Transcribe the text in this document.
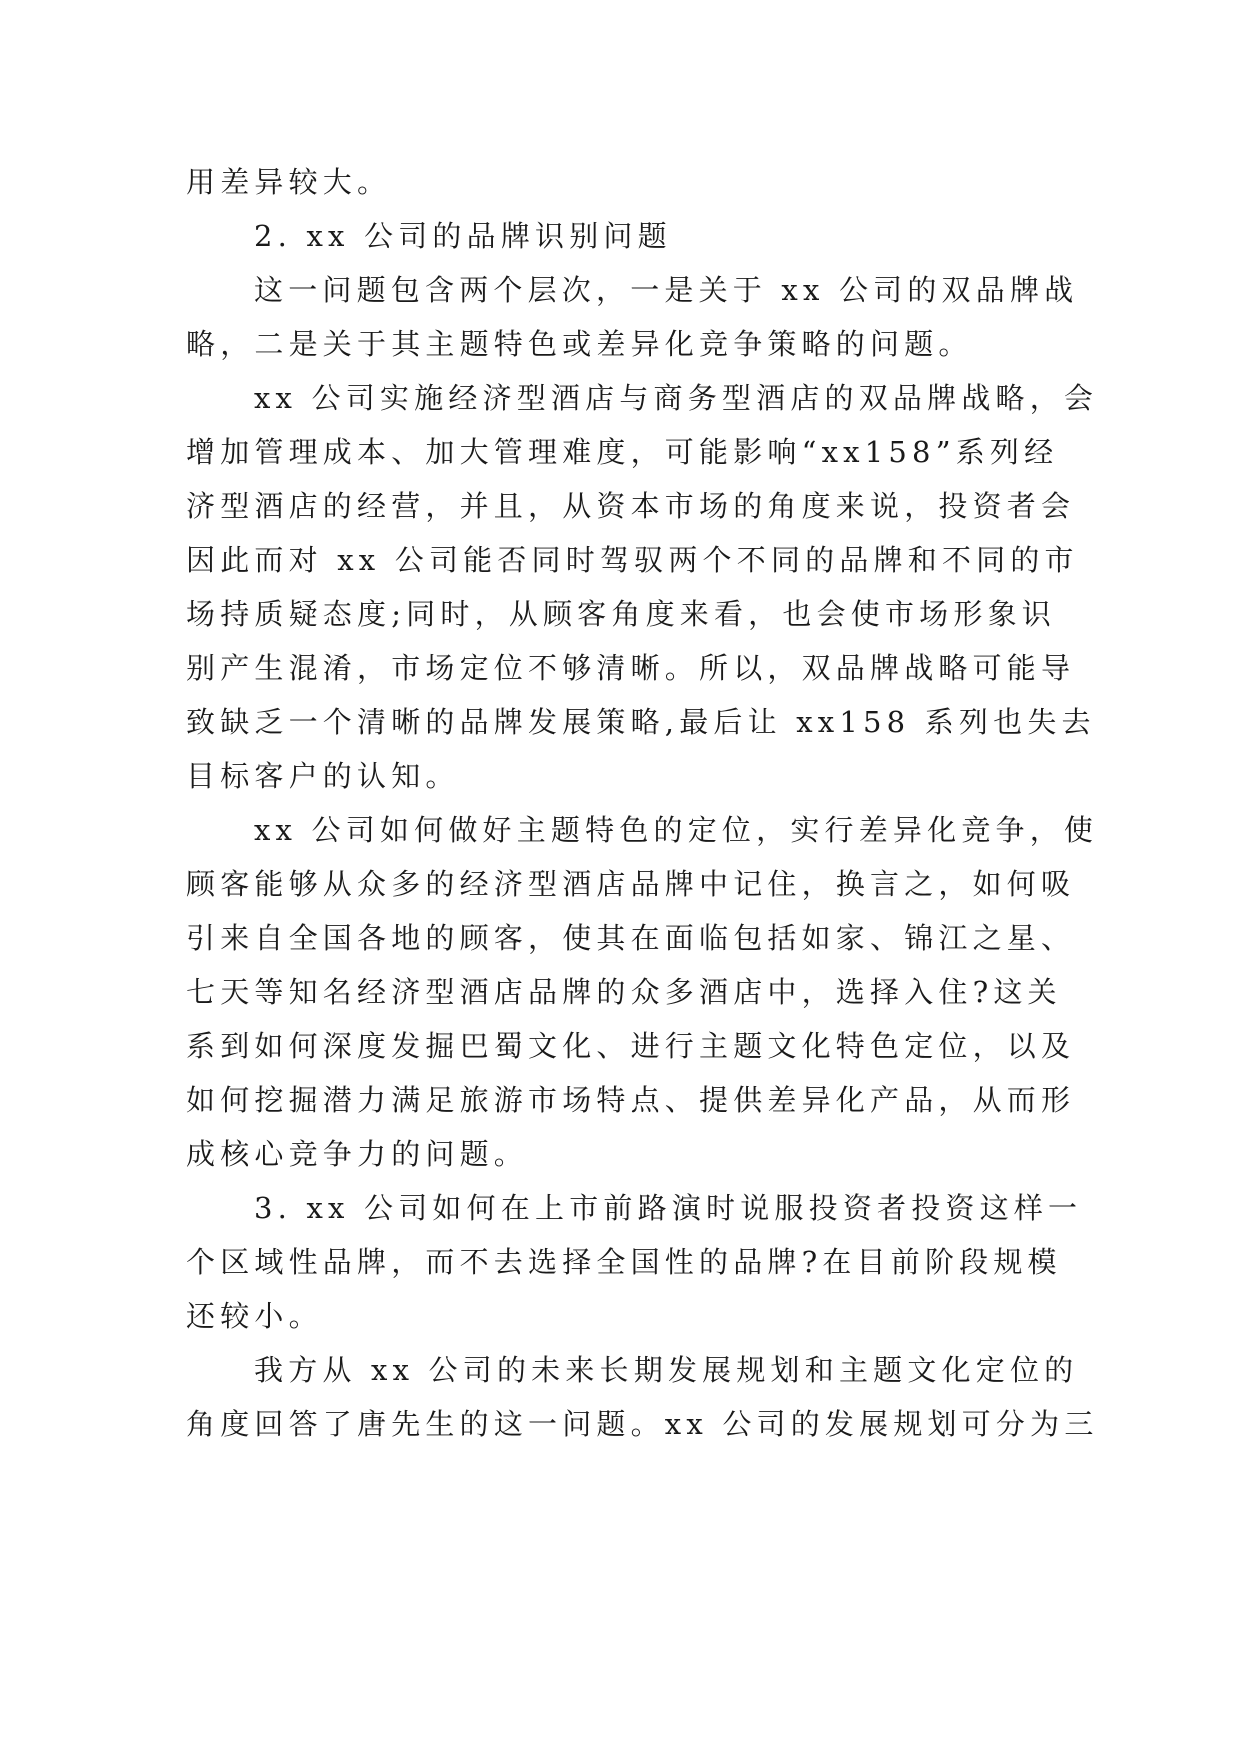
用差异较大。
2. xx 公司的品牌识别问题
这一问题包含两个层次，一是关于 xx 公司的双品牌战
略，二是关于其主题特色或差异化竞争策略的问题。
xx 公司实施经济型酒店与商务型酒店的双品牌战略，会
增加管理成本、加大管理难度，可能影响“xx158”系列经
济型酒店的经营，并且，从资本市场的角度来说，投资者会
因此而对 xx 公司能否同时驾驭两个不同的品牌和不同的市
场持质疑态度;同时，从顾客角度来看，也会使市场形象识
别产生混淆，市场定位不够清晰。所以，双品牌战略可能导
致缺乏一个清晰的品牌发展策略,最后让 xx158 系列也失去
目标客户的认知。
xx 公司如何做好主题特色的定位，实行差异化竞争，使
顾客能够从众多的经济型酒店品牌中记住，换言之，如何吸
引来自全国各地的顾客，使其在面临包括如家、锦江之星、
七天等知名经济型酒店品牌的众多酒店中，选择入住?这关
系到如何深度发掘巴蜀文化、进行主题文化特色定位，以及
如何挖掘潜力满足旅游市场特点、提供差异化产品，从而形
成核心竞争力的问题。
3. xx 公司如何在上市前路演时说服投资者投资这样一
个区域性品牌，而不去选择全国性的品牌?在目前阶段规模
还较小。
我方从 xx 公司的未来长期发展规划和主题文化定位的
角度回答了唐先生的这一问题。xx 公司的发展规划可分为三
